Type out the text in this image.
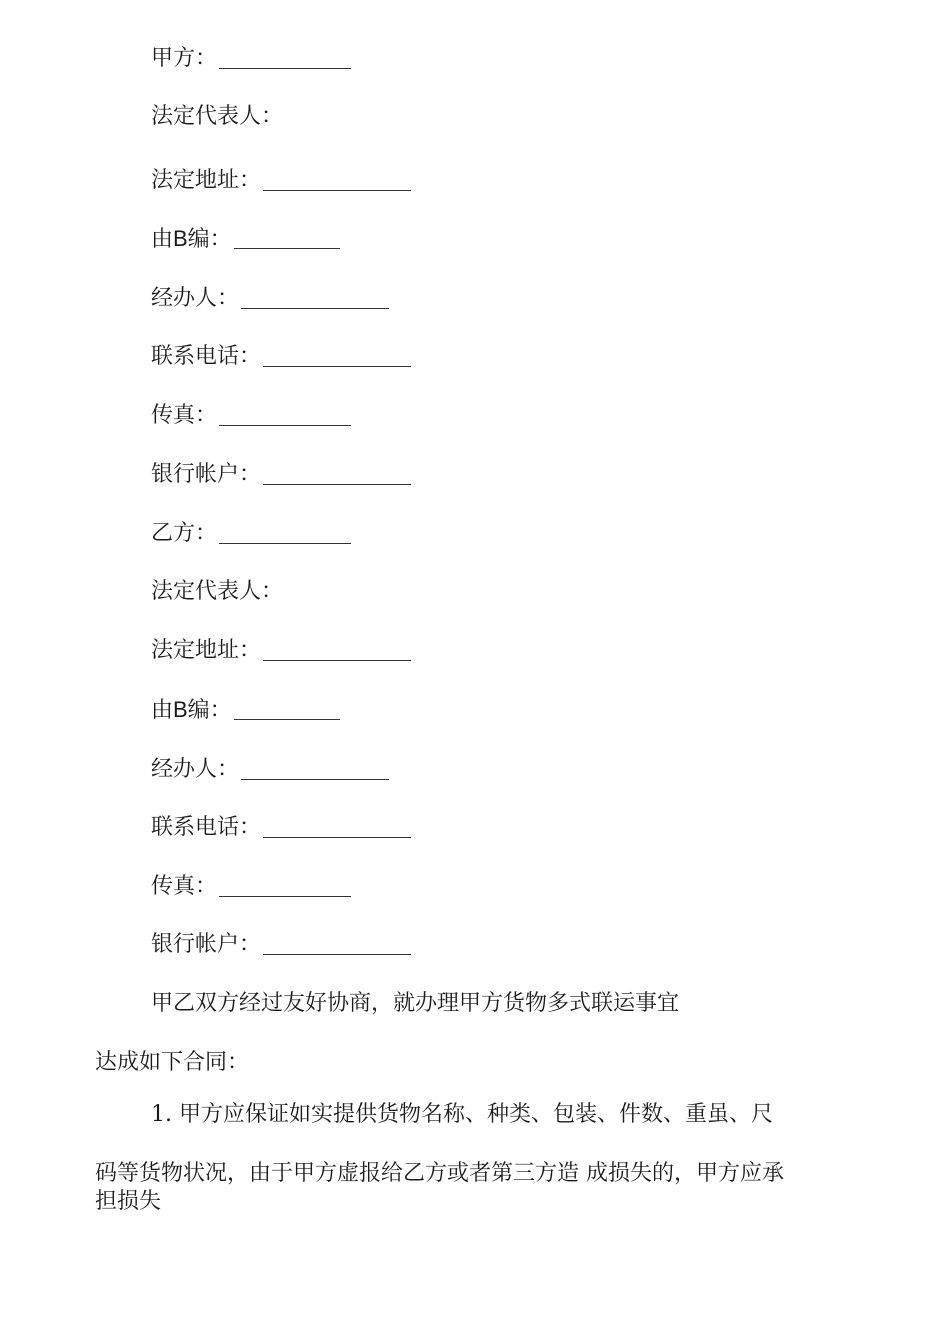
甲方：
法定代表人：
法定地址：
由B编：
经办人：
联系电话：
传真：
银行帐户：
乙方：
法定代表人：
法定地址：
由B编：
经办人：
联系电话：
传真：
银行帐户：
甲乙双方经过友好协商，就办理甲方货物多式联运事宜
达成如下合同：
1. 甲方应保证如实提供货物名称、种类、包装、件数、重虽、尺
码等货物状况，由于甲方虚报给乙方或者第三方造 成损失的，甲方应承
担损失
